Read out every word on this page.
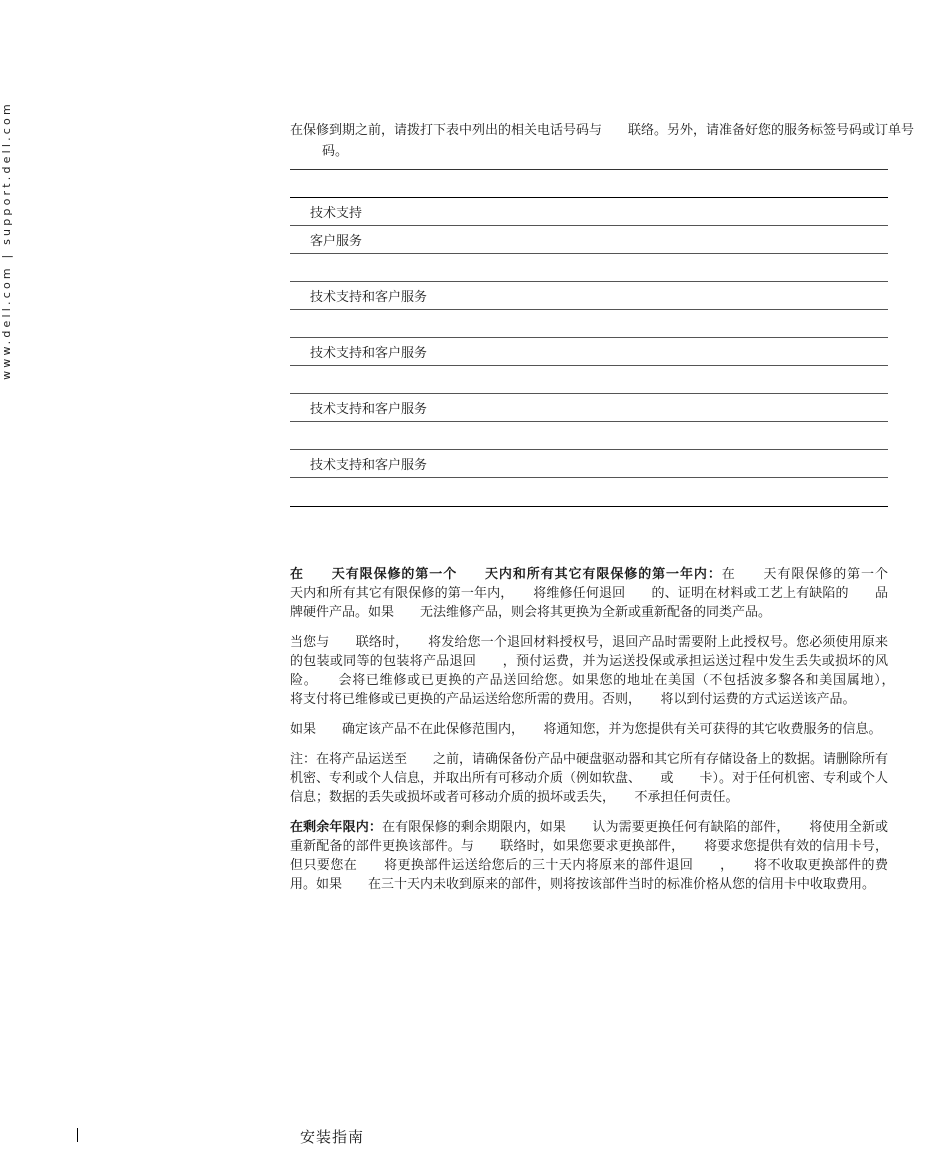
www.dell.com | support.dell.com	在保修到期之前，请拨打下表中列出的相关电话号码与　　联络。另外，请准备好您的服务标签号码或订单号码。

技术支持
客户服务
技术支持和客户服务
技术支持和客户服务
技术支持和客户服务
技术支持和客户服务

在　　天有限保修的第一个　　天内和所有其它有限保修的第一年内：在　　天有限保修的第一个　　天内和所有其它有限保修的第一年内，　　将维修任何退回　　的、证明在材料或工艺上有缺陷的　　品牌硬件产品。如果　　无法维修产品，则会将其更换为全新或重新配备的同类产品。

当您与　　联络时，　　将发给您一个退回材料授权号，退回产品时需要附上此授权号。您必须使用原来的包装或同等的包装将产品退回　　，预付运费，并为运送投保或承担运送过程中发生丢失或损坏的风险。　　会将已维修或已更换的产品送回给您。如果您的地址在美国（不包括波多黎各和美国属地），　　将支付将已维修或已更换的产品运送给您所需的费用。否则，　　将以到付运费的方式运送该产品。

如果　　确定该产品不在此保修范围内，　　将通知您，并为您提供有关可获得的其它收费服务的信息。

注：在将产品运送至　　之前，请确保备份产品中硬盘驱动器和其它所有存储设备上的数据。请删除所有机密、专利或个人信息，并取出所有可移动介质（例如软盘、　　或　　卡）。对于任何机密、专利或个人信息；数据的丢失或损坏或者可移动介质的损坏或丢失，　　不承担任何责任。

在剩余年限内：在有限保修的剩余期限内，如果　　认为需要更换任何有缺陷的部件，　　将使用全新或重新配备的部件更换该部件。与　　联络时，如果您要求更换部件，　　将要求您提供有效的信用卡号，但只要您在　　将更换部件运送给您后的三十天内将原来的部件退回　　，　　将不收取更换部件的费用。如果　　在三十天内未收到原来的部件，则将按该部件当时的标准价格从您的信用卡中收取费用。

安装指南
